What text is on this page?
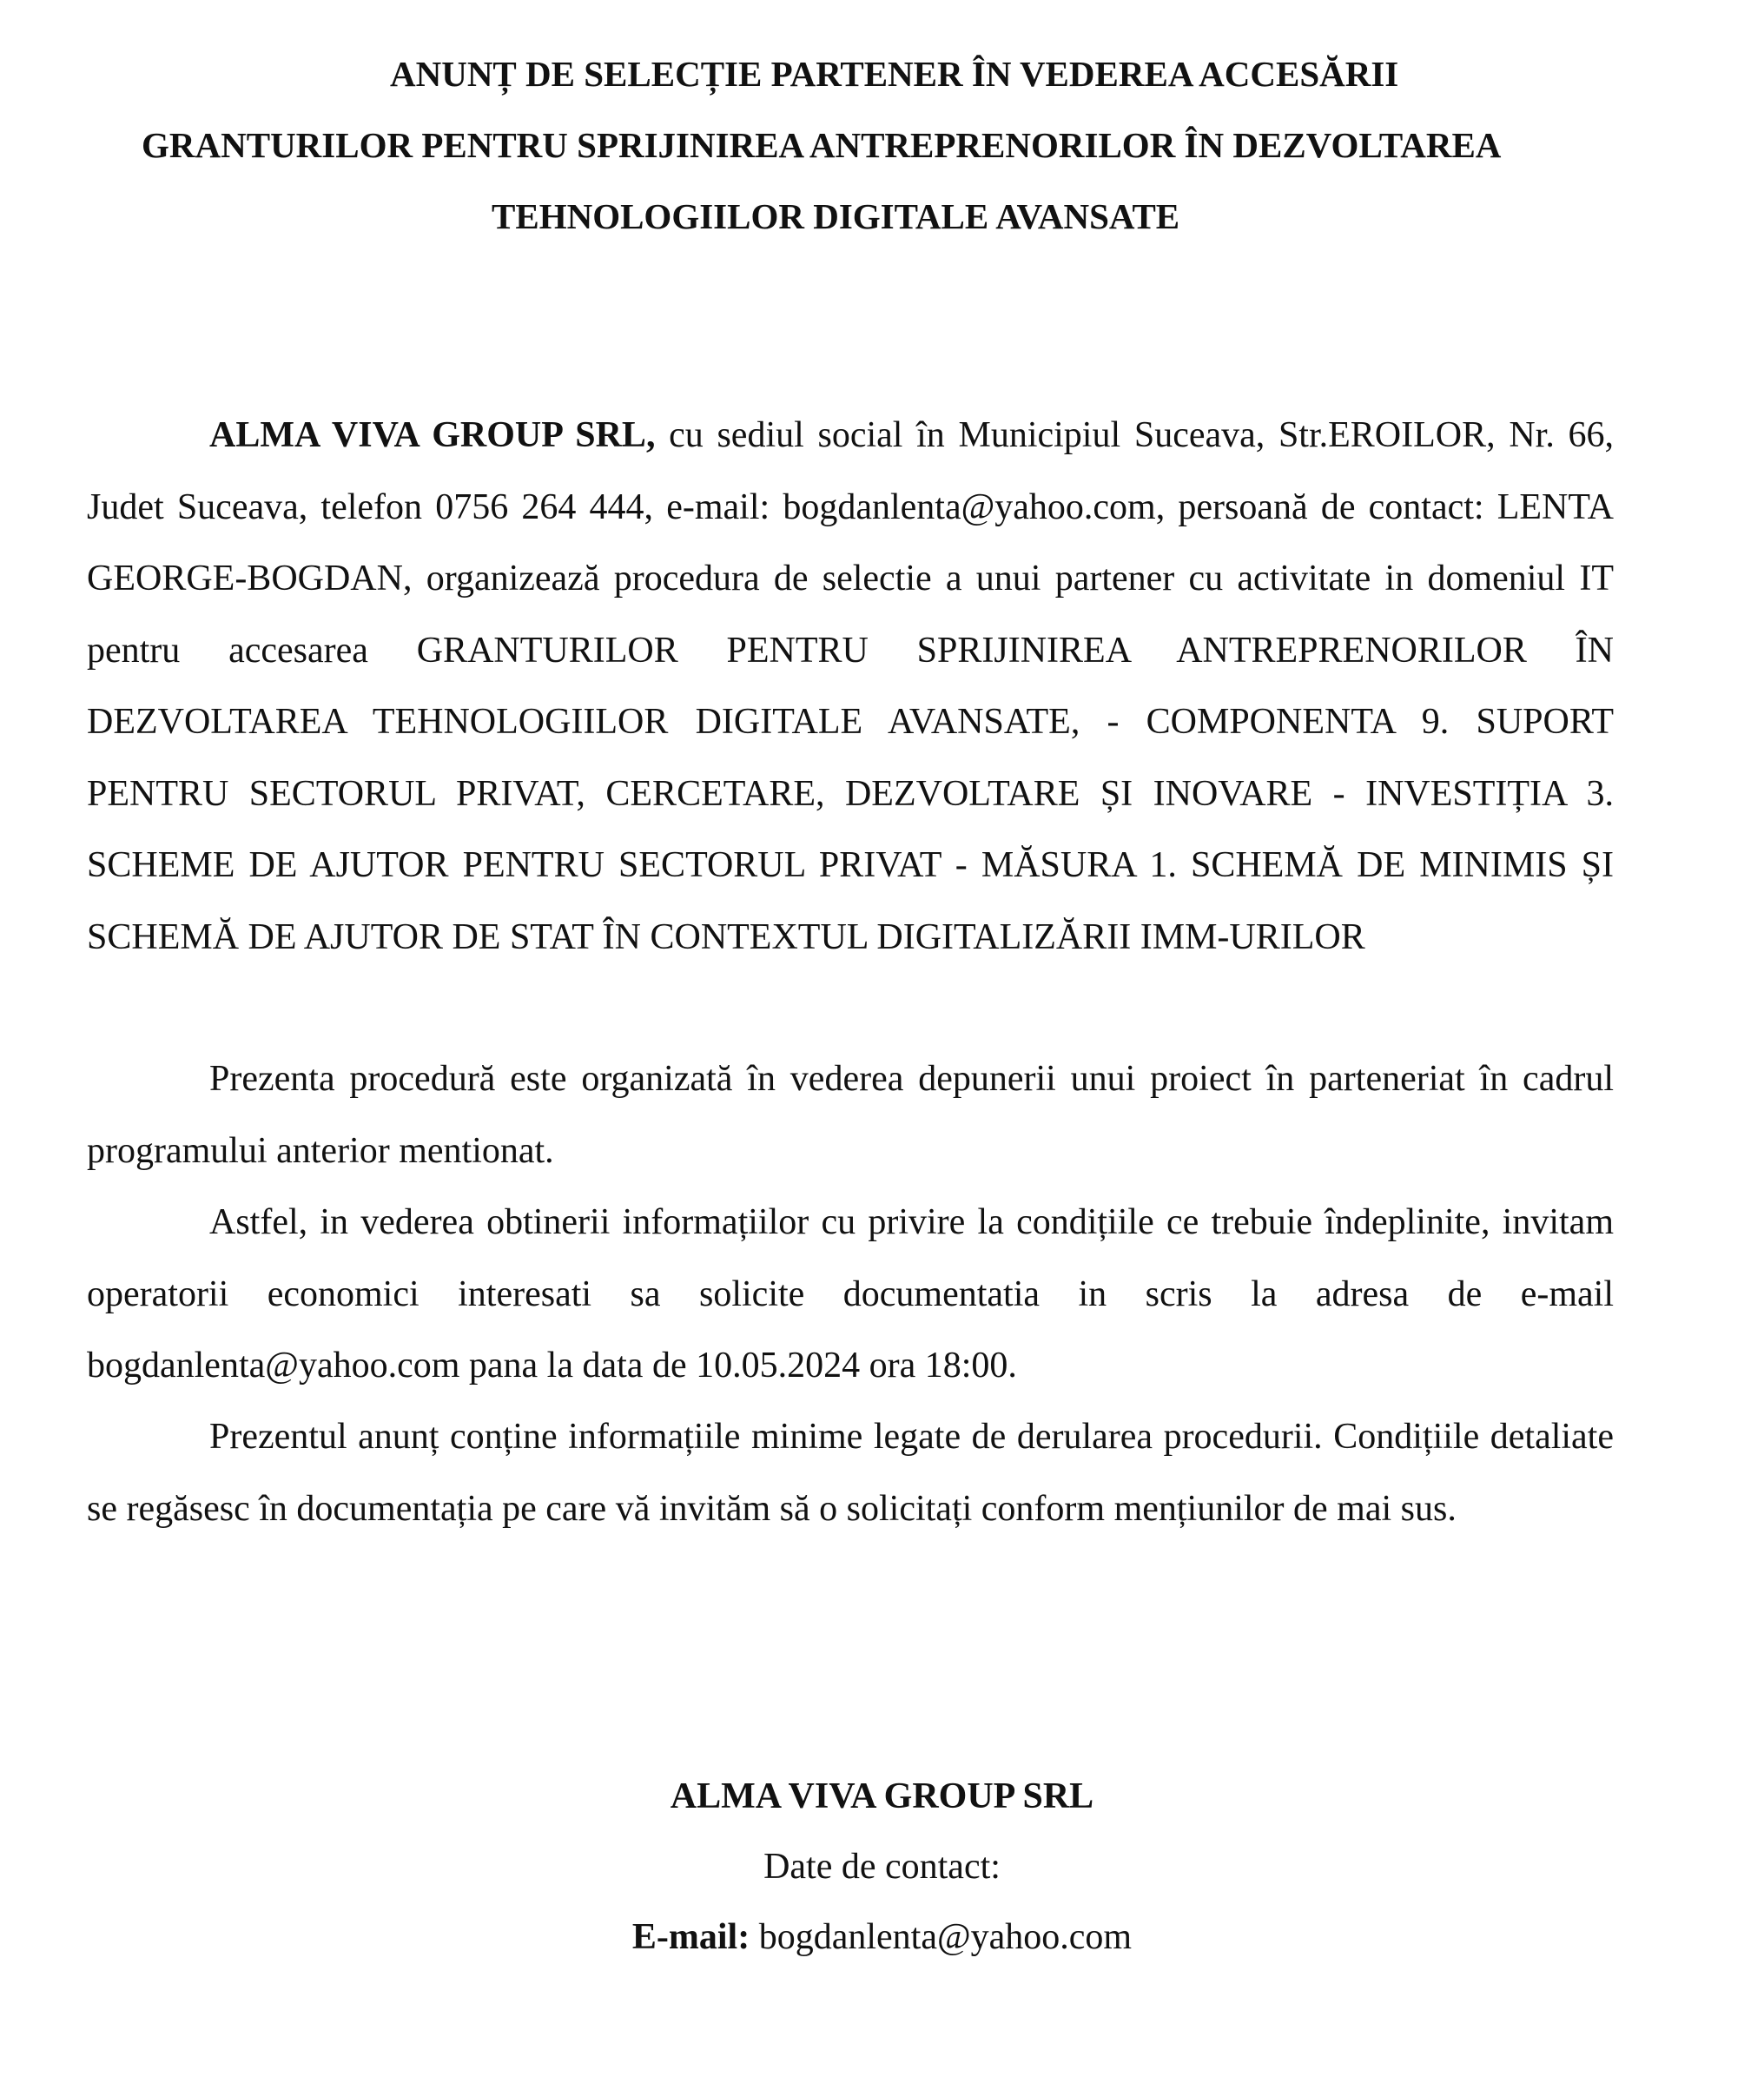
ANUNȚ DE SELECȚIE PARTENER ÎN VEDEREA ACCESĂRII
GRANTURILOR PENTRU SPRIJINIREA ANTREPRENORILOR ÎN DEZVOLTAREA
TEHNOLOGIILOR DIGITALE AVANSATE

ALMA VIVA GROUP SRL, cu sediul social în Municipiul Suceava, Str.EROILOR, Nr. 66, Judet Suceava, telefon 0756 264 444, e-mail: bogdanlenta@yahoo.com, persoană de contact: LENTA GEORGE-BOGDAN, organizează procedura de selectie a unui partener cu activitate in domeniul IT pentru accesarea GRANTURILOR PENTRU SPRIJINIREA ANTREPRENORILOR ÎN DEZVOLTAREA TEHNOLOGIILOR DIGITALE AVANSATE, - COMPONENTA 9. SUPORT PENTRU SECTORUL PRIVAT, CERCETARE, DEZVOLTARE ȘI INOVARE - INVESTIȚIA 3. SCHEME DE AJUTOR PENTRU SECTORUL PRIVAT - MĂSURA 1. SCHEMĂ DE MINIMIS ȘI SCHEMĂ DE AJUTOR DE STAT ÎN CONTEXTUL DIGITALIZĂRII IMM-URILOR

Prezenta procedură este organizată în vederea depunerii unui proiect în parteneriat în cadrul programului anterior mentionat.

Astfel, in vederea obtinerii informațiilor cu privire la condițiile ce trebuie îndeplinite, invitam operatorii economici interesati sa solicite documentatia in scris la adresa de e-mail bogdanlenta@yahoo.com pana la data de 10.05.2024 ora 18:00.

Prezentul anunț conține informațiile minime legate de derularea procedurii. Condițiile detaliate se regăsesc în documentația pe care vă invităm să o solicitați conform mențiunilor de mai sus.

ALMA VIVA GROUP SRL
Date de contact:
E-mail: bogdanlenta@yahoo.com
